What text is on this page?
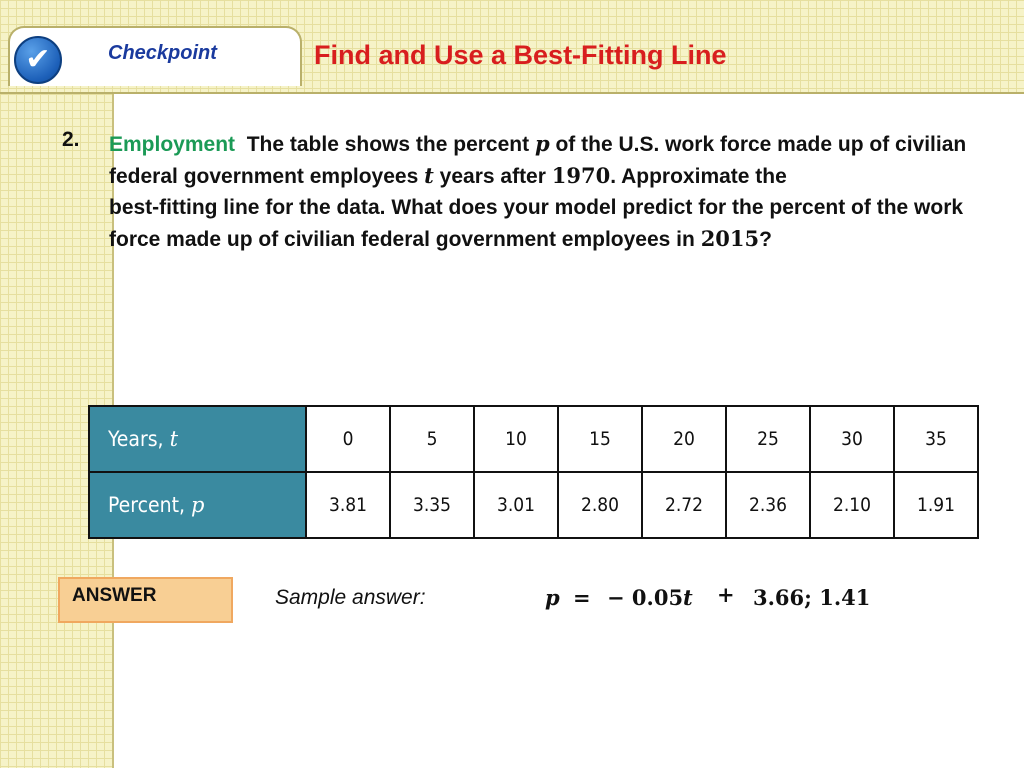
✔	Checkpoint	Find and Use a Best-Fitting Line
2. Employment The table shows the percent p of the U.S. work force made up of civilian federal government employees t years after 1970. Approximate the
best-fitting line for the data. What does your model predict for the percent of the work force made up of civilian federal government employees in 2015?
Years, t	0	5	10	15	20	25	30	35
Percent, p	3.81	3.35	3.01	2.80	2.72	2.36	2.10	1.91
ANSWER	Sample answer:	p = − 0.05 t + 3.66; 1.41
